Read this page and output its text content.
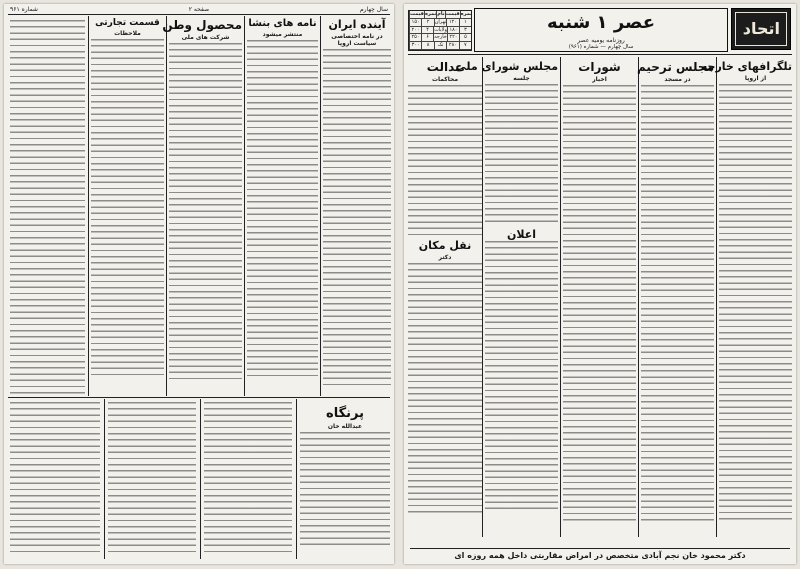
سال چهارم
صفحه ۲
شماره ۹۶۱
آینده ایران
در نامه اختصاصی سیاست اروپا
نامه های بنشا
منتشر میشود
محصول وطن
شرکت های ملی
قسمت تجارتی
ملاحظات
پرنگاه
عبدالله خان
اتحاد
عصر ۱ شنبه
روزنامه یومیه عصر
سال چهارم — شماره (۹۶۱)
قیمت نمره نام قیمت نمره
۱۵۰	۲	تهران ۱۲۰	۱
۲۰۰	۴	ولایات ۱۸۰	۳
۲۵۰	۶	خارجه ۲۲۰	۵
۳۰۰	۸	تک	۲۸۰	۷
تلگرافهای خارجه
از اروپا
مجلس ترحیم
در مسجد
شورات
اخبار
مجلس شورای ملی
جلسه
اعلان
عدالت
محاکمات
نقل مکان
دکتر
دکتر محمود خان نجم آبادی متخصص در امراض مقاربتی داخل همه روزه ای
